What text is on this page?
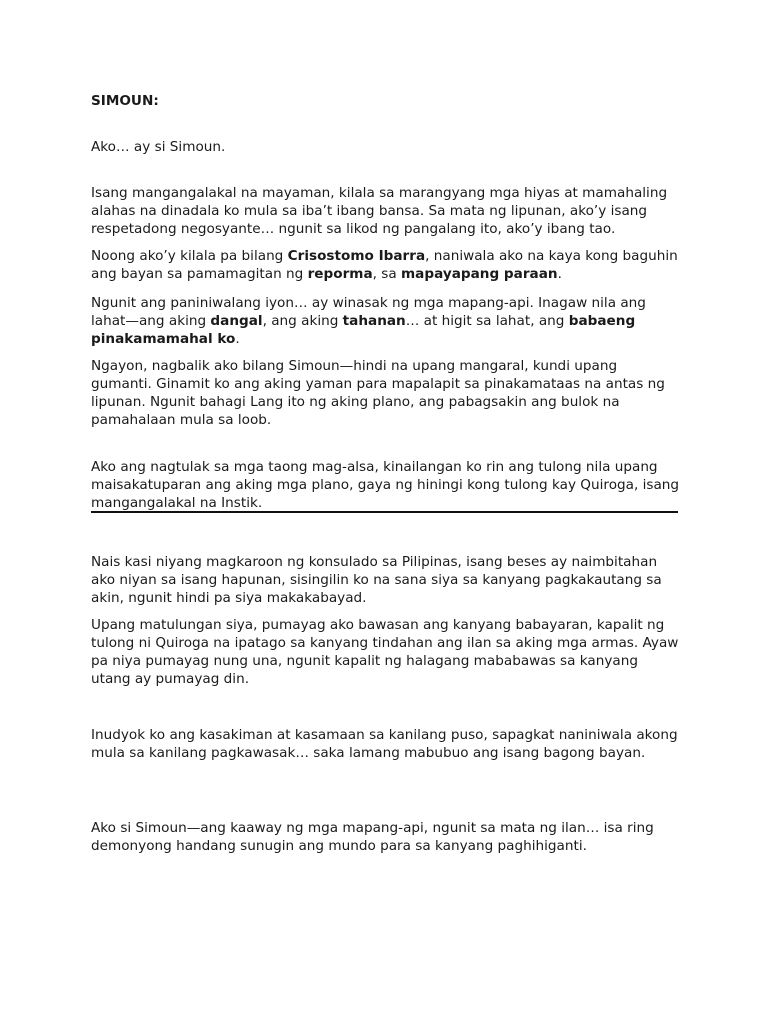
SIMOUN:

Ako… ay si Simoun.

Isang mangangalakal na mayaman, kilala sa marangyang mga hiyas at mamahaling alahas na dinadala ko mula sa iba’t ibang bansa. Sa mata ng lipunan, ako’y isang respetadong negosyante… ngunit sa likod ng pangalang ito, ako’y ibang tao.

Noong ako’y kilala pa bilang Crisostomo Ibarra, naniwala ako na kaya kong baguhin ang bayan sa pamamagitan ng reporma, sa mapayapang paraan.

Ngunit ang paniniwalang iyon… ay winasak ng mga mapang-api. Inagaw nila ang lahat—ang aking dangal, ang aking tahanan… at higit sa lahat, ang babaeng pinakamamahal ko.

Ngayon, nagbalik ako bilang Simoun—hindi na upang mangaral, kundi upang gumanti. Ginamit ko ang aking yaman para mapalapit sa pinakamataas na antas ng lipunan. Ngunit bahagi Lang ito ng aking plano, ang pabagsakin ang bulok na pamahalaan mula sa loob.

Ako ang nagtulak sa mga taong mag-alsa, kinailangan ko rin ang tulong nila upang maisakatuparan ang aking mga plano, gaya ng hiningi kong tulong kay Quiroga, isang mangangalakal na Instik.

Nais kasi niyang magkaroon ng konsulado sa Pilipinas, isang beses ay naimbitahan ako niyan sa isang hapunan, sisingilin ko na sana siya sa kanyang pagkakautang sa akin, ngunit hindi pa siya makakabayad.

Upang matulungan siya, pumayag ako bawasan ang kanyang babayaran, kapalit ng tulong ni Quiroga na ipatago sa kanyang tindahan ang ilan sa aking mga armas. Ayaw pa niya pumayag nung una, ngunit kapalit ng halagang mababawas sa kanyang utang ay pumayag din.

Inudyok ko ang kasakiman at kasamaan sa kanilang puso, sapagkat naniniwala akong mula sa kanilang pagkawasak… saka lamang mabubuo ang isang bagong bayan.

Ako si Simoun—ang kaaway ng mga mapang-api, ngunit sa mata ng ilan… isa ring demonyong handang sunugin ang mundo para sa kanyang paghihiganti.
